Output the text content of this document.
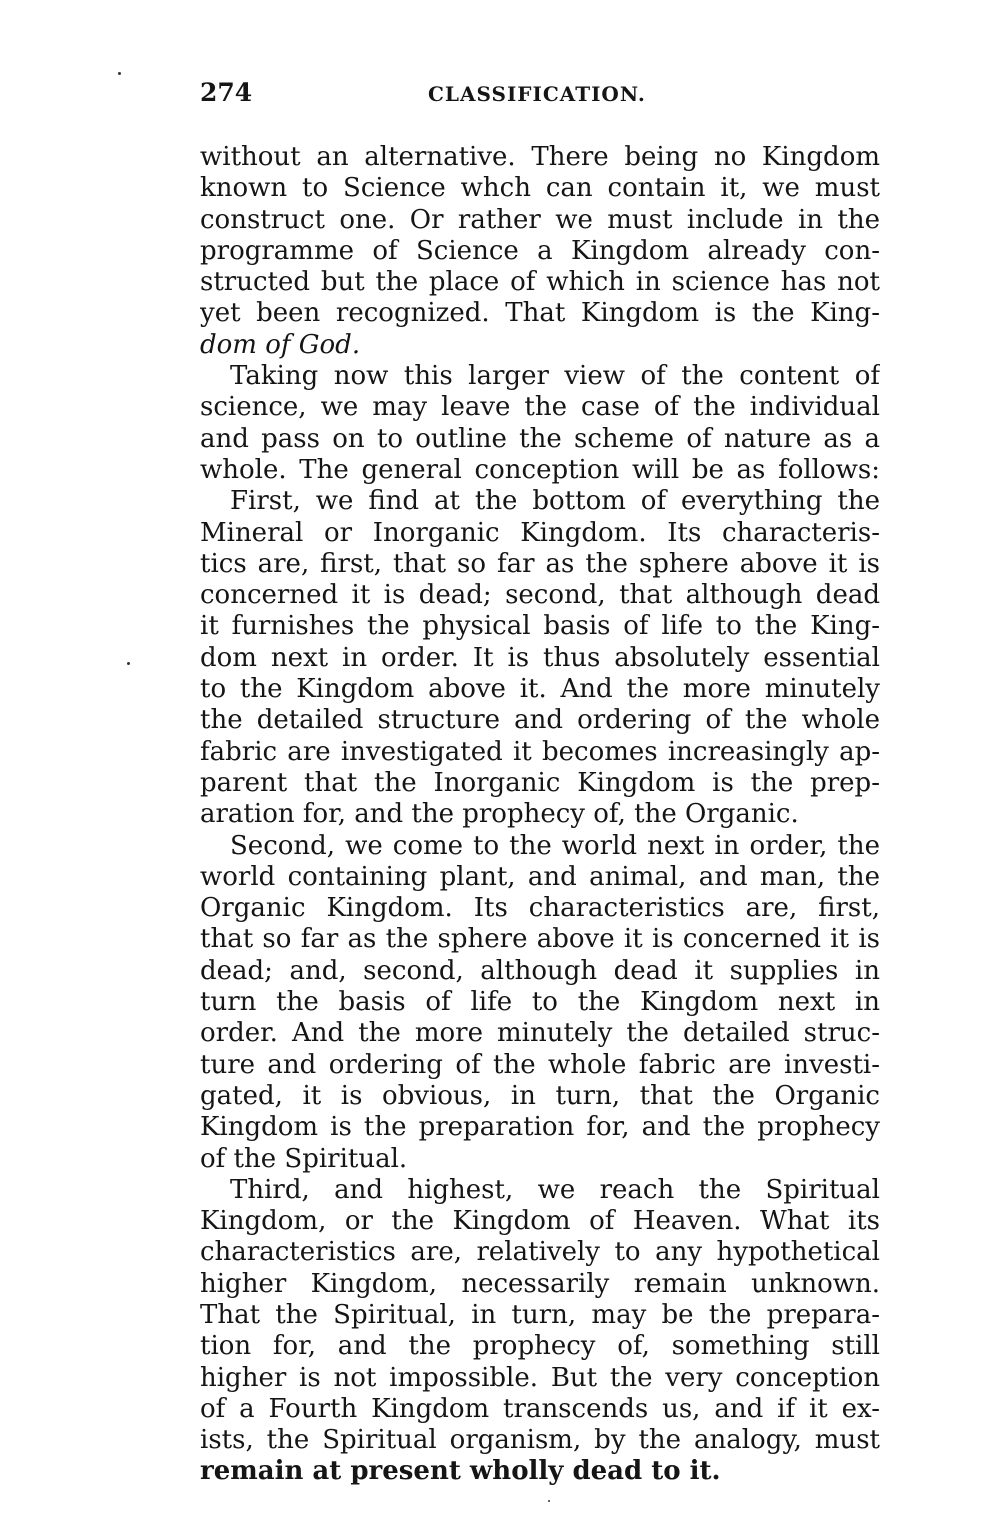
274	CLASSIFICATION.
without an alternative. There being no Kingdom
known to Science whch can contain it, we must
construct one. Or rather we must include in the
programme of Science a Kingdom already con-
structed but the place of which in science has not
yet been recognized. That Kingdom is the King-
dom of God.
Taking now this larger view of the content of
science, we may leave the case of the individual
and pass on to outline the scheme of nature as a
whole. The general conception will be as follows:
First, we find at the bottom of everything the
Mineral or Inorganic Kingdom. Its characteris-
tics are, first, that so far as the sphere above it is
concerned it is dead; second, that although dead
it furnishes the physical basis of life to the King-
dom next in order. It is thus absolutely essential
to the Kingdom above it. And the more minutely
the detailed structure and ordering of the whole
fabric are investigated it becomes increasingly ap-
parent that the Inorganic Kingdom is the prep-
aration for, and the prophecy of, the Organic.
Second, we come to the world next in order, the
world containing plant, and animal, and man, the
Organic Kingdom. Its characteristics are, first,
that so far as the sphere above it is concerned it is
dead; and, second, although dead it supplies in
turn the basis of life to the Kingdom next in
order. And the more minutely the detailed struc-
ture and ordering of the whole fabric are investi-
gated, it is obvious, in turn, that the Organic
Kingdom is the preparation for, and the prophecy
of the Spiritual.
Third, and highest, we reach the Spiritual
Kingdom, or the Kingdom of Heaven. What its
characteristics are, relatively to any hypothetical
higher Kingdom, necessarily remain unknown.
That the Spiritual, in turn, may be the prepara-
tion for, and the prophecy of, something still
higher is not impossible. But the very conception
of a Fourth Kingdom transcends us, and if it ex-
ists, the Spiritual organism, by the analogy, must
remain at present wholly dead to it.
